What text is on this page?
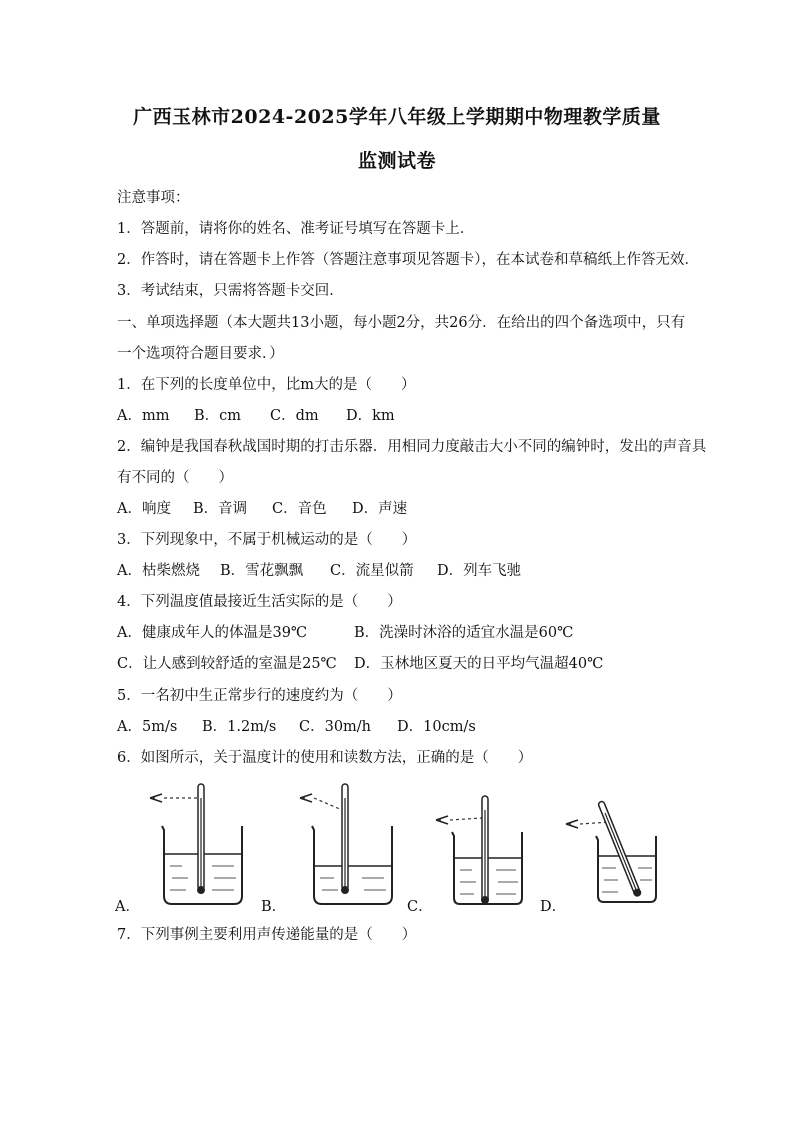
广西玉林市2024-2025学年八年级上学期期中物理教学质量
监测试卷
注意事项：
1．答题前，请将你的姓名、准考证号填写在答题卡上．
2．作答时，请在答题卡上作答（答题注意事项见答题卡），在本试卷和草稿纸上作答无效．
3．考试结束，只需将答题卡交回．
一、单项选择题（本大题共13小题，每小题2分，共26分．在给出的四个备选项中，只有
一个选项符合题目要求．）
1．在下列的长度单位中，比m大的是（　　）
A．mm B．cm C．dm D．km
2．编钟是我国春秋战国时期的打击乐器．用相同力度敲击大小不同的编钟时，发出的声音具
有不同的（　　）
A．响度 B．音调 C．音色 D．声速
3．下列现象中，不属于机械运动的是（　　）
A．枯柴燃烧 B．雪花飘飘 C．流星似箭 D．列车飞驰
4．下列温度值最接近生活实际的是（　　）
A．健康成年人的体温是39℃	B．洗澡时沐浴的适宜水温是60℃
C．让人感到较舒适的室温是25℃ D．玉林地区夏天的日平均气温超40℃
5．一名初中生正常步行的速度约为（　　）
A．5m/s B．1.2m/s C．30m/h D．10cm/s
6．如图所示，关于温度计的使用和读数方法，正确的是（　　）
A．	B．	C．	D．
7．下列事例主要利用声传递能量的是（　　）
